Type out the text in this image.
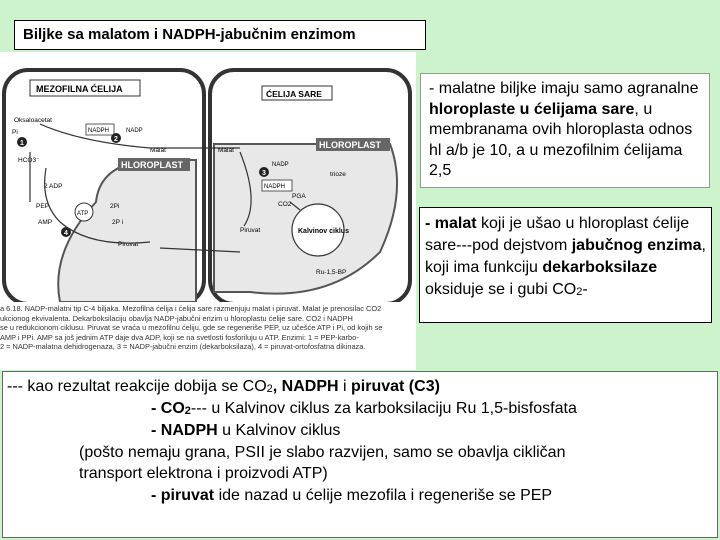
Biljke sa malatom i NADPH-jabučnim enzimom
MEZOFILNA ĆELIJA	ĆELIJA SARE
HLOROPLAST
HLOROPLAST
Oksaloacetat
Pi
HCO3⁻
NADPH	NADP
Malat
2 ADP
PEP
ATP
2Pi
AMP	2P i
Piruvat
1
2
3
4
Malat
NADPH
NADP
CO2
trioze
PGA
Kalvinov ciklus
Piruvat
Ru-1,5-BP
a 6.18. NADP-malatni tip C-4 biljaka. Mezofilna ćelija i ćelija sare razmenjuju malat i piruvat. Malat je prenosilac CO2
ukcionog ekvivalenta. Dekarboksilaciju obavlja NADP-jabučni enzim u hloroplastu ćelije sare. CO2 i NADPH
se u redukcionom ciklusu. Piruvat se vraća u mezofilnu ćeliju, gde se regeneriše PEP, uz učešće ATP i Pi, od kojih se
AMP i PPi. AMP sa još jednim ATP daje dva ADP, koji se na svetlosti fosforiluju u ATP. Enzimi: 1 = PEP-karbo-
2 = NADP-malatna dehidrogenaza, 3 = NADP-jabučni enzim (dekarboksilaza), 4 = piruvat-ortofosfatna dikinaza.
- malatne biljke imaju samo agranalne hloroplaste u ćelijama sare, u membranama ovih hloroplasta odnos hl a/b je 10, a u mezofilnim ćelijama 2,5
- malat koji je ušao u hloroplast ćelije sare---pod dejstvom jabučnog enzima, koji ima funkciju dekarboksilaze oksiduje se i gubi $CO_2-$
--- kao rezultat reakcije dobija se $CO_2$, NADPH i piruvat (C3)
- $CO_2---$ u Kalvinov ciklus za karboksilaciju Ru 1,5-bisfosfata
- NADPH u Kalvinov ciklus
(pošto nemaju grana, PSII je slabo razvijen, samo se obavlja cikličan
transport elektrona i proizvodi ATP)
- piruvat ide nazad u ćelije mezofila i regeneriše se PEP
